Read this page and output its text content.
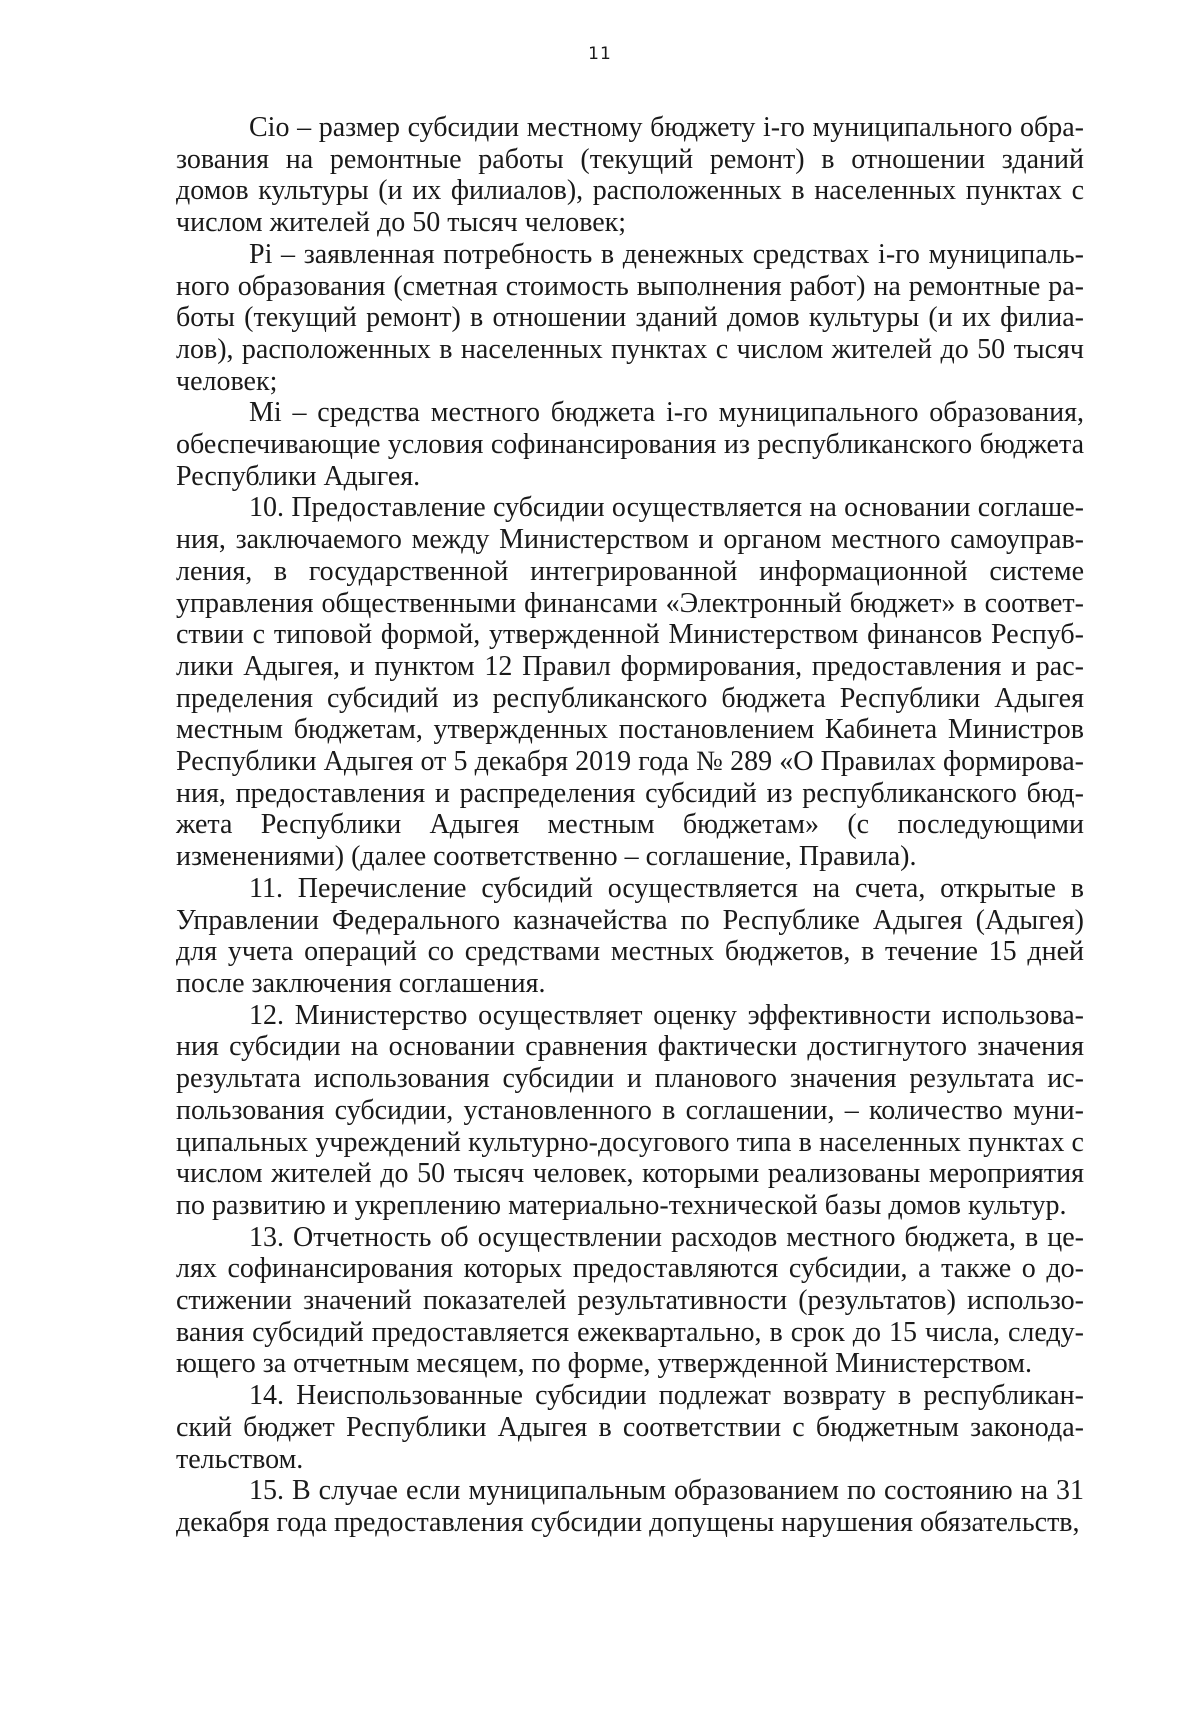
11

Cio – размер субсидии местному бюджету i-го муниципального образования на ремонтные работы (текущий ремонт) в отношении зданий домов культуры (и их филиалов), расположенных в населенных пунктах с числом жителей до 50 тысяч человек;

Pi – заявленная потребность в денежных средствах i-го муниципального образования (сметная стоимость выполнения работ) на ремонтные работы (текущий ремонт) в отношении зданий домов культуры (и их филиалов), расположенных в населенных пунктах с числом жителей до 50 тысяч человек;

Mi – средства местного бюджета i-го муниципального образования, обеспечивающие условия софинансирования из республиканского бюджета Республики Адыгея.

10. Предоставление субсидии осуществляется на основании соглашения, заключаемого между Министерством и органом местного самоуправления, в государственной интегрированной информационной системе управления общественными финансами «Электронный бюджет» в соответствии с типовой формой, утвержденной Министерством финансов Республики Адыгея, и пунктом 12 Правил формирования, предоставления и распределения субсидий из республиканского бюджета Республики Адыгея местным бюджетам, утвержденных постановлением Кабинета Министров Республики Адыгея от 5 декабря 2019 года № 289 «О Правилах формирования, предоставления и распределения субсидий из республиканского бюджета Республики Адыгея местным бюджетам» (с последующими изменениями) (далее соответственно – соглашение, Правила).

11. Перечисление субсидий осуществляется на счета, открытые в Управлении Федерального казначейства по Республике Адыгея (Адыгея) для учета операций со средствами местных бюджетов, в течение 15 дней после заключения соглашения.

12. Министерство осуществляет оценку эффективности использования субсидии на основании сравнения фактически достигнутого значения результата использования субсидии и планового значения результата использования субсидии, установленного в соглашении, – количество муниципальных учреждений культурно-досугового типа в населенных пунктах с числом жителей до 50 тысяч человек, которыми реализованы мероприятия по развитию и укреплению материально-технической базы домов культур.

13. Отчетность об осуществлении расходов местного бюджета, в целях софинансирования которых предоставляются субсидии, а также о достижении значений показателей результативности (результатов) использования субсидий предоставляется ежеквартально, в срок до 15 числа, следующего за отчетным месяцем, по форме, утвержденной Министерством.

14. Неиспользованные субсидии подлежат возврату в республиканский бюджет Республики Адыгея в соответствии с бюджетным законодательством.

15. В случае если муниципальным образованием по состоянию на 31 декабря года предоставления субсидии допущены нарушения обязательств,
